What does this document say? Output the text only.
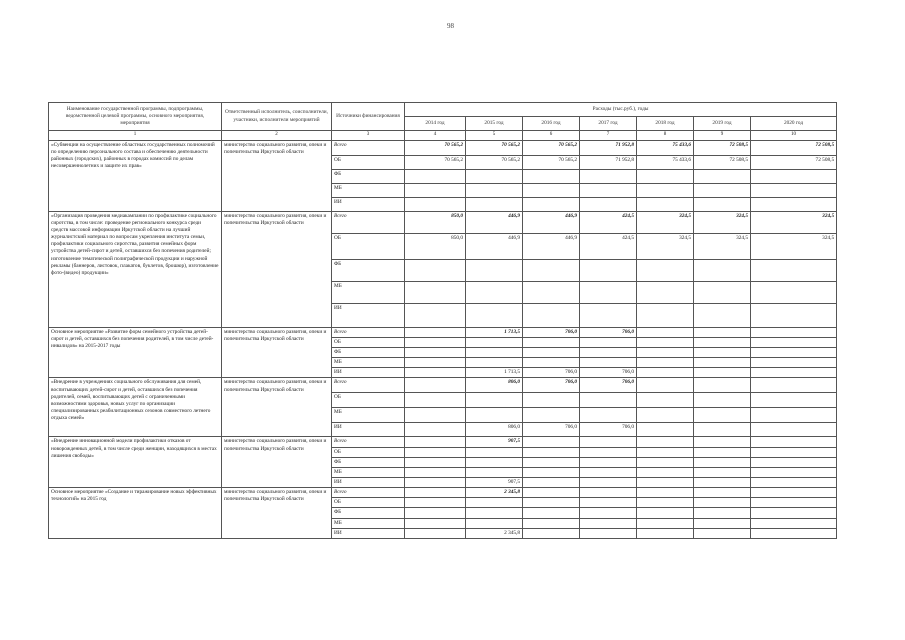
98
Наименование государственной программы, подпрограммы, ведомственной целевой программы, основного мероприятия, мероприятия	Ответственный исполнитель, соисполнители, участники, исполнители мероприятий	Источники финансирования	Расходы (тыс.руб.), годы						
			2014 год	2015 год	2016 год	2017 год	2018 год	2019 год	2020 год
1	2	3	4	5	6	7	8	9	10
«Субвенции на осуществление областных государственных полномочий по определению персонального состава и обеспечению деятельности районных (городских), районных в городах комиссий по делам несовершеннолетних и защите их прав»	министерство социального развития, опеки и попечительства Иркутской области	Всего	70 565,2	70 565,2	70 565,2	71 952,8	75 433,6	72 508,5	72 508,5
		ОБ	70 565,2	70 565,2	70 565,2	71 952,8	75 433,6	72 508,5	72 508,5
		ФБ							
		МБ							
		ИИ							
«Организация проведения медиакампании по профилактике социального сиротства, в том числе: проведение регионального конкурса среди средств массовой информации Иркутской области на лучший журналистский материал по вопросам укрепления института семьи, профилактики социального сиротства, развития семейных форм устройства детей-сирот и детей, оставшихся без попечения родителей; изготовление тематической полиграфической продукции и наружной рекламы (баннеров, листовок, плакатов, буклетов, брошюр), изготовление фото-(видео) продукции»	министерство социального развития, опеки и попечительства Иркутской области	Всего	850,0	446,9	446,9	424,5	324,5	324,5	324,5
		ОБ	850,0	446,9	446,9	424,5	324,5	324,5	324,5
		ФБ							
		МБ							
		ИИ							
Основное мероприятие «Развитие форм семейного устройства детей-сирот и детей, оставшихся без попечения родителей, в том числе детей-инвалидов» на 2015-2017 годы	министерство социального развития, опеки и попечительства Иркутской области	Всего		1 713,5	706,0	706,0			
		ОБ							
		ФБ							
		МБ							
		ИИ		1 713,5	706,0	706,0			
«Внедрение в учреждениях социального обслуживания для семей, воспитывающих детей-сирот и детей, оставшихся без попечения родителей, семей, воспитывающих детей с ограниченными возможностями здоровья, новых услуг по организации специализированных реабилитационных сезонов совместного летнего отдыха семей»	министерство социального развития, опеки и попечительства Иркутской области	Всего		806,0	706,0	706,0			
		ОБ							
		МБ							
		ИИ		806,0	706,0	706,0			
«Внедрение инновационной модели профилактики отказов от новорожденных детей, в том числе среди женщин, находящихся в местах лишения свободы»	министерство социального развития, опеки и попечительства Иркутской области	Всего		907,5					
		ОБ							
		ФБ							
		МБ							
		ИИ		907,5					
Основное мероприятие «Создание и тиражирование новых эффективных технологий» на 2015 год	министерство социального развития, опеки и попечительства Иркутской области	Всего		2 345,8					
		ОБ							
		ФБ							
		МБ							
		ИИ		2 345,8					
